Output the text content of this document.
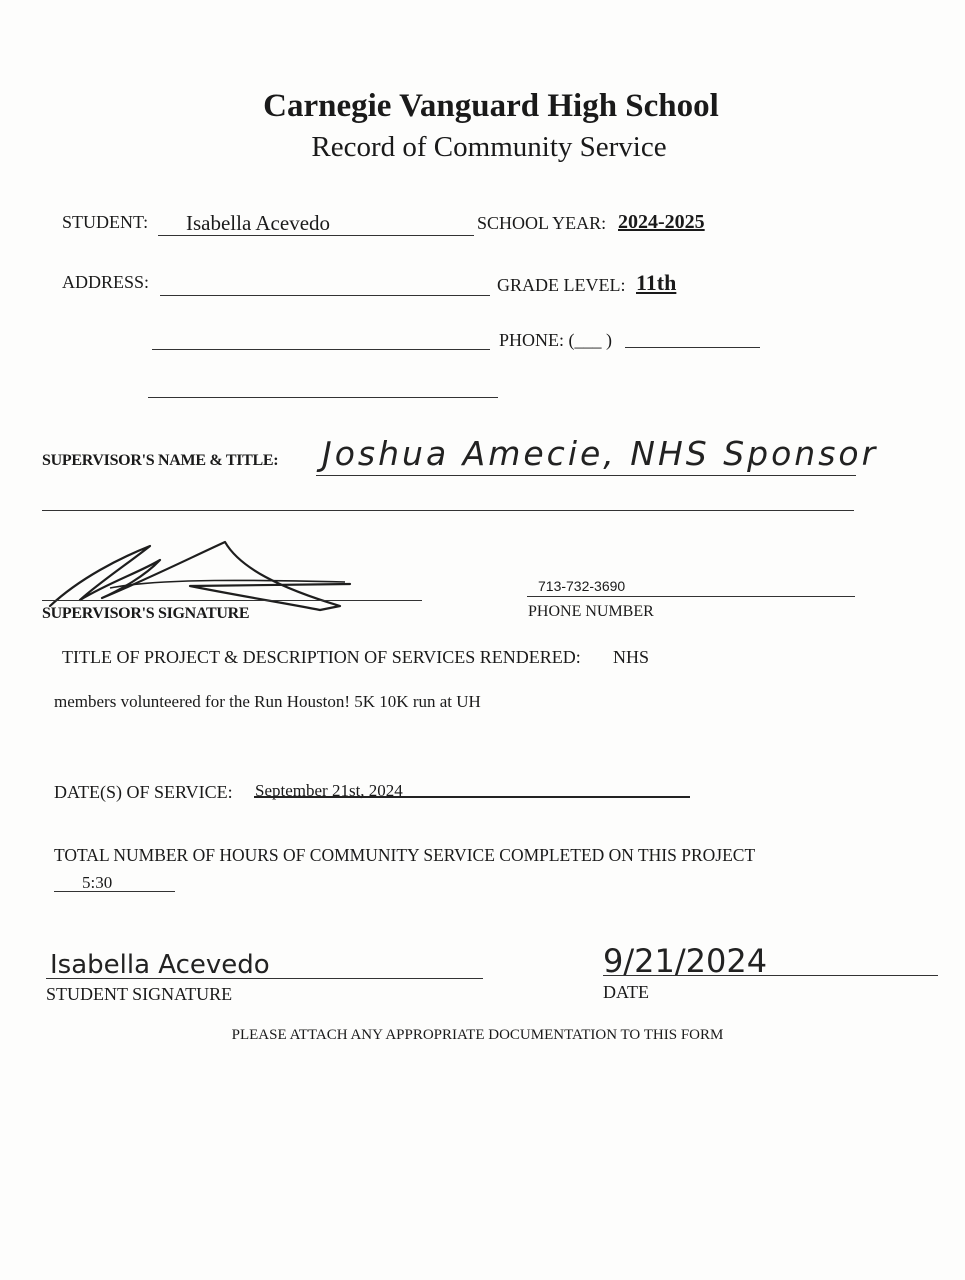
Carnegie Vanguard High School
Record of Community Service
STUDENT: Isabella Acevedo	SCHOOL YEAR: 2024-2025
ADDRESS:	GRADE LEVEL: 11th
PHONE: (___ )
SUPERVISOR'S NAME & TITLE: Joshua Amecie, NHS Sponsor
SUPERVISOR'S SIGNATURE
713-732-3690
PHONE NUMBER
TITLE OF PROJECT & DESCRIPTION OF SERVICES RENDERED: NHS
members volunteered for the Run Houston! 5K 10K run at UH
DATE(S) OF SERVICE: September 21st, 2024
TOTAL NUMBER OF HOURS OF COMMUNITY SERVICE COMPLETED ON THIS PROJECT
5:30
Isabella Acevedo
STUDENT SIGNATURE
9/21/2024
DATE
PLEASE ATTACH ANY APPROPRIATE DOCUMENTATION TO THIS FORM
